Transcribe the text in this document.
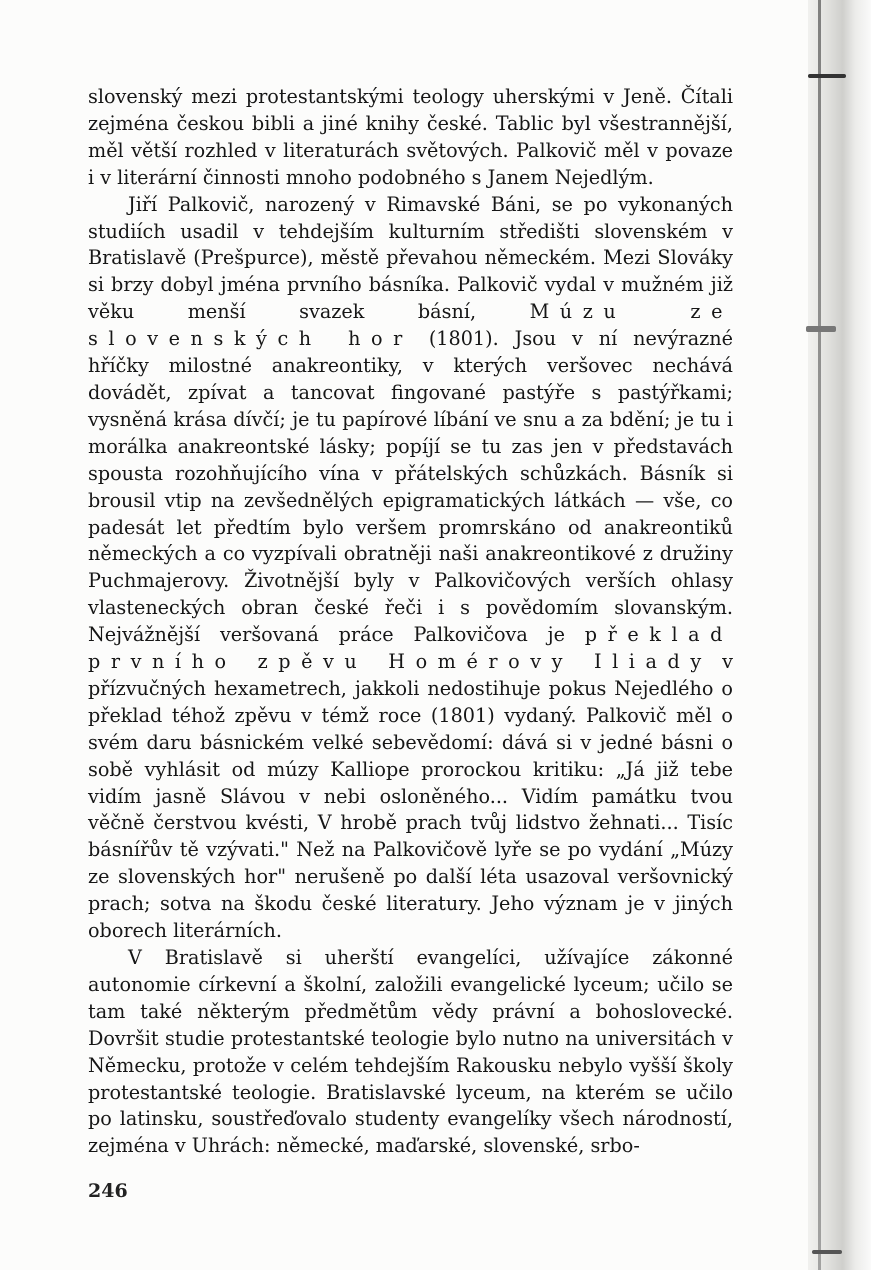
slovenský mezi protestantskými teology uherskými v Jeně. Čítali zejména českou bibli a jiné knihy české. Tablic byl všestrannější, měl větší rozhled v literaturách světových. Palkovič měl v povaze i v literární činnosti mnoho podobného s Janem Nejedlým.

Jiří Palkovič, narozený v Rimavské Báni, se po vykonaných studiích usadil v tehdejším kulturním středišti slovenském v Bratislavě (Prešpurce), městě převahou německém. Mezi Slováky si brzy dobyl jména prvního básníka. Palkovič vydal v mužném již věku menší svazek básní, Múzu ze slovenských hor (1801). Jsou v ní nevýrazné hříčky milostné anakreontiky, v kterých veršovec nechává dovádět, zpívat a tancovat fingované pastýře s pastýřkami; vysněná krása dívčí; je tu papírové líbání ve snu a za bdění; je tu i morálka anakreontské lásky; popíjí se tu zas jen v představách spousta rozohňujícího vína v přátelských schůzkách. Básník si brousil vtip na zevšednělých epigramatických látkách — vše, co padesát let předtím bylo veršem promrskáno od anakreontiků německých a co vyzpívali obratněji naši anakreontikové z družiny Puchmajerovy. Životnější byly v Palkovičových verších ohlasy vlasteneckých obran české řeči i s povědomím slovanským. Nejvážnější veršovaná práce Palkovičova je překlad prvního zpěvu Homérovy Iliady v přízvučných hexametrech, jakkoli nedostihuje pokus Nejedlého o překlad téhož zpěvu v témž roce (1801) vydaný. Palkovič měl o svém daru básnickém velké sebevědomí: dává si v jedné básni o sobě vyhlásit od múzy Kalliope prorockou kritiku: „Já již tebe vidím jasně Slávou v nebi osloněného... Vidím památku tvou věčně čerstvou kvésti, V hrobě prach tvůj lidstvo žehnati... Tisíc básnířův tě vzývati." Než na Palkovičově lyře se po vydání „Múzy ze slovenských hor" nerušeně po další léta usazoval veršovnický prach; sotva na škodu české literatury. Jeho význam je v jiných oborech literárních.

V Bratislavě si uherští evangelíci, užívajíce zákonné autonomie církevní a školní, založili evangelické lyceum; učilo se tam také některým předmětům vědy právní a bohoslovecké. Dovršit studie protestantské teologie bylo nutno na universitách v Německu, protože v celém tehdejším Rakousku nebylo vyšší školy protestantské teologie. Bratislavské lyceum, na kterém se učilo po latinsku, soustřeďovalo studenty evangelíky všech národností, zejména v Uhrách: německé, maďarské, slovenské, srbo-

246
